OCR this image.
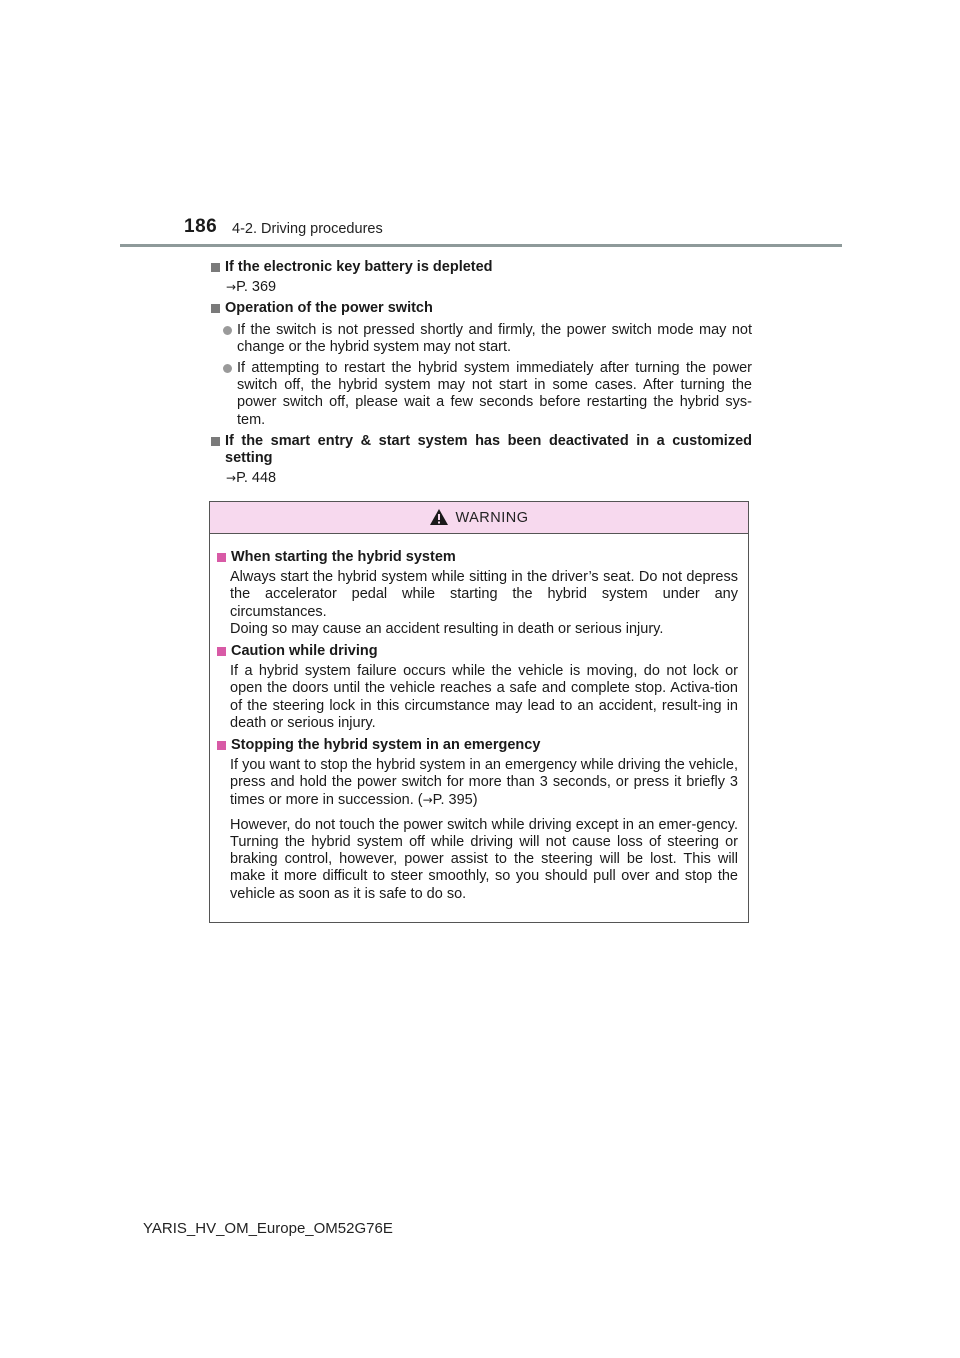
186 4-2. Driving procedures
If the electronic key battery is depleted
→P. 369
Operation of the power switch
If the switch is not pressed shortly and firmly, the power switch mode may not change or the hybrid system may not start.
If attempting to restart the hybrid system immediately after turning the power switch off, the hybrid system may not start in some cases. After turning the power switch off, please wait a few seconds before restarting the hybrid sys-tem.
If the smart entry & start system has been deactivated in a customized setting
→P. 448
WARNING
When starting the hybrid system
Always start the hybrid system while sitting in the driver’s seat. Do not depress the accelerator pedal while starting the hybrid system under any circumstances.
Doing so may cause an accident resulting in death or serious injury.
Caution while driving
If a hybrid system failure occurs while the vehicle is moving, do not lock or open the doors until the vehicle reaches a safe and complete stop. Activa-tion of the steering lock in this circumstance may lead to an accident, result-ing in death or serious injury.
Stopping the hybrid system in an emergency
If you want to stop the hybrid system in an emergency while driving the vehicle, press and hold the power switch for more than 3 seconds, or press it briefly 3 times or more in succession. (→P. 395)
However, do not touch the power switch while driving except in an emer-gency. Turning the hybrid system off while driving will not cause loss of steering or braking control, however, power assist to the steering will be lost. This will make it more difficult to steer smoothly, so you should pull over and stop the vehicle as soon as it is safe to do so.
YARIS_HV_OM_Europe_OM52G76E
